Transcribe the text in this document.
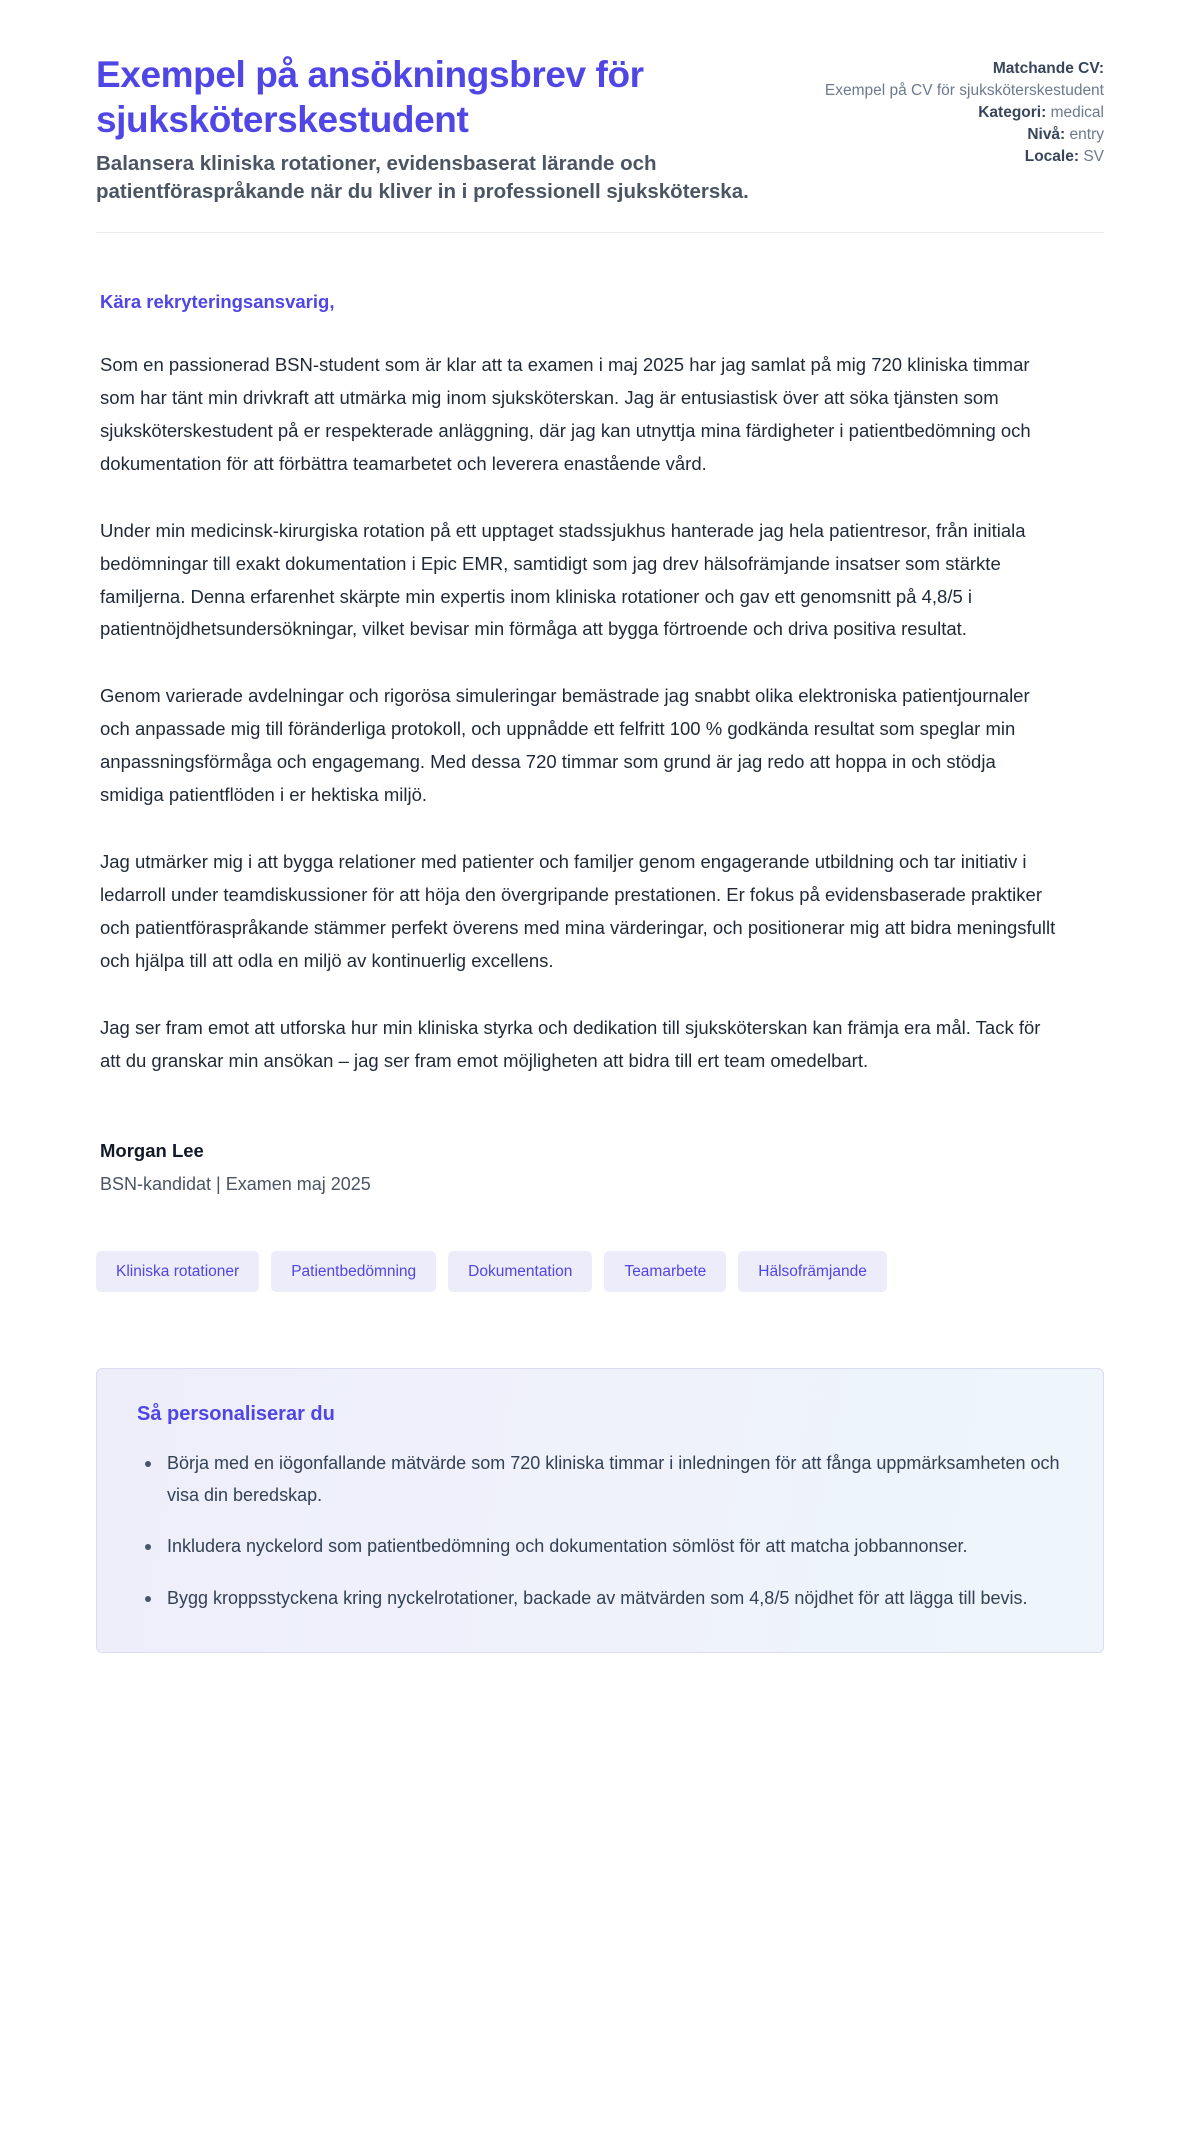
Exempel på ansökningsbrev för sjuksköterskestudent

Balansera kliniska rotationer, evidensbaserat lärande och patientföraspråkande när du kliver in i professionell sjuksköterska.

Matchande CV:
Exempel på CV för sjuksköterskestudent
Kategori: medical
Nivå: entry
Locale: SV

Kära rekryteringsansvarig,

Som en passionerad BSN-student som är klar att ta examen i maj 2025 har jag samlat på mig 720 kliniska timmar som har tänt min drivkraft att utmärka mig inom sjuksköterskan. Jag är entusiastisk över att söka tjänsten som sjuksköterskestudent på er respekterade anläggning, där jag kan utnyttja mina färdigheter i patientbedömning och dokumentation för att förbättra teamarbetet och leverera enastående vård.

Under min medicinsk-kirurgiska rotation på ett upptaget stadssjukhus hanterade jag hela patientresor, från initiala bedömningar till exakt dokumentation i Epic EMR, samtidigt som jag drev hälsofrämjande insatser som stärkte familjerna. Denna erfarenhet skärpte min expertis inom kliniska rotationer och gav ett genomsnitt på 4,8/5 i patientnöjdhetsundersökningar, vilket bevisar min förmåga att bygga förtroende och driva positiva resultat.

Genom varierade avdelningar och rigorösa simuleringar bemästrade jag snabbt olika elektroniska patientjournaler och anpassade mig till föränderliga protokoll, och uppnådde ett felfritt 100 % godkända resultat som speglar min anpassningsförmåga och engagemang. Med dessa 720 timmar som grund är jag redo att hoppa in och stödja smidiga patientflöden i er hektiska miljö.

Jag utmärker mig i att bygga relationer med patienter och familjer genom engagerande utbildning och tar initiativ i ledarroll under teamdiskussioner för att höja den övergripande prestationen. Er fokus på evidensbaserade praktiker och patientföraspråkande stämmer perfekt överens med mina värderingar, och positionerar mig att bidra meningsfullt och hjälpa till att odla en miljö av kontinuerlig excellens.

Jag ser fram emot att utforska hur min kliniska styrka och dedikation till sjuksköterskan kan främja era mål. Tack för att du granskar min ansökan – jag ser fram emot möjligheten att bidra till ert team omedelbart.

Morgan Lee

BSN-kandidat | Examen maj 2025

Kliniska rotationer	Patientbedömning	Dokumentation	Teamarbete	Hälsofrämjande
Så personaliserar du
Börja med en iögonfallande mätvärde som 720 kliniska timmar i inledningen för att fånga uppmärksamheten och visa din beredskap.
Inkludera nyckelord som patientbedömning och dokumentation sömlöst för att matcha jobbannonser.
Bygg kroppsstyckena kring nyckelrotationer, backade av mätvärden som 4,8/5 nöjdhet för att lägga till bevis.
